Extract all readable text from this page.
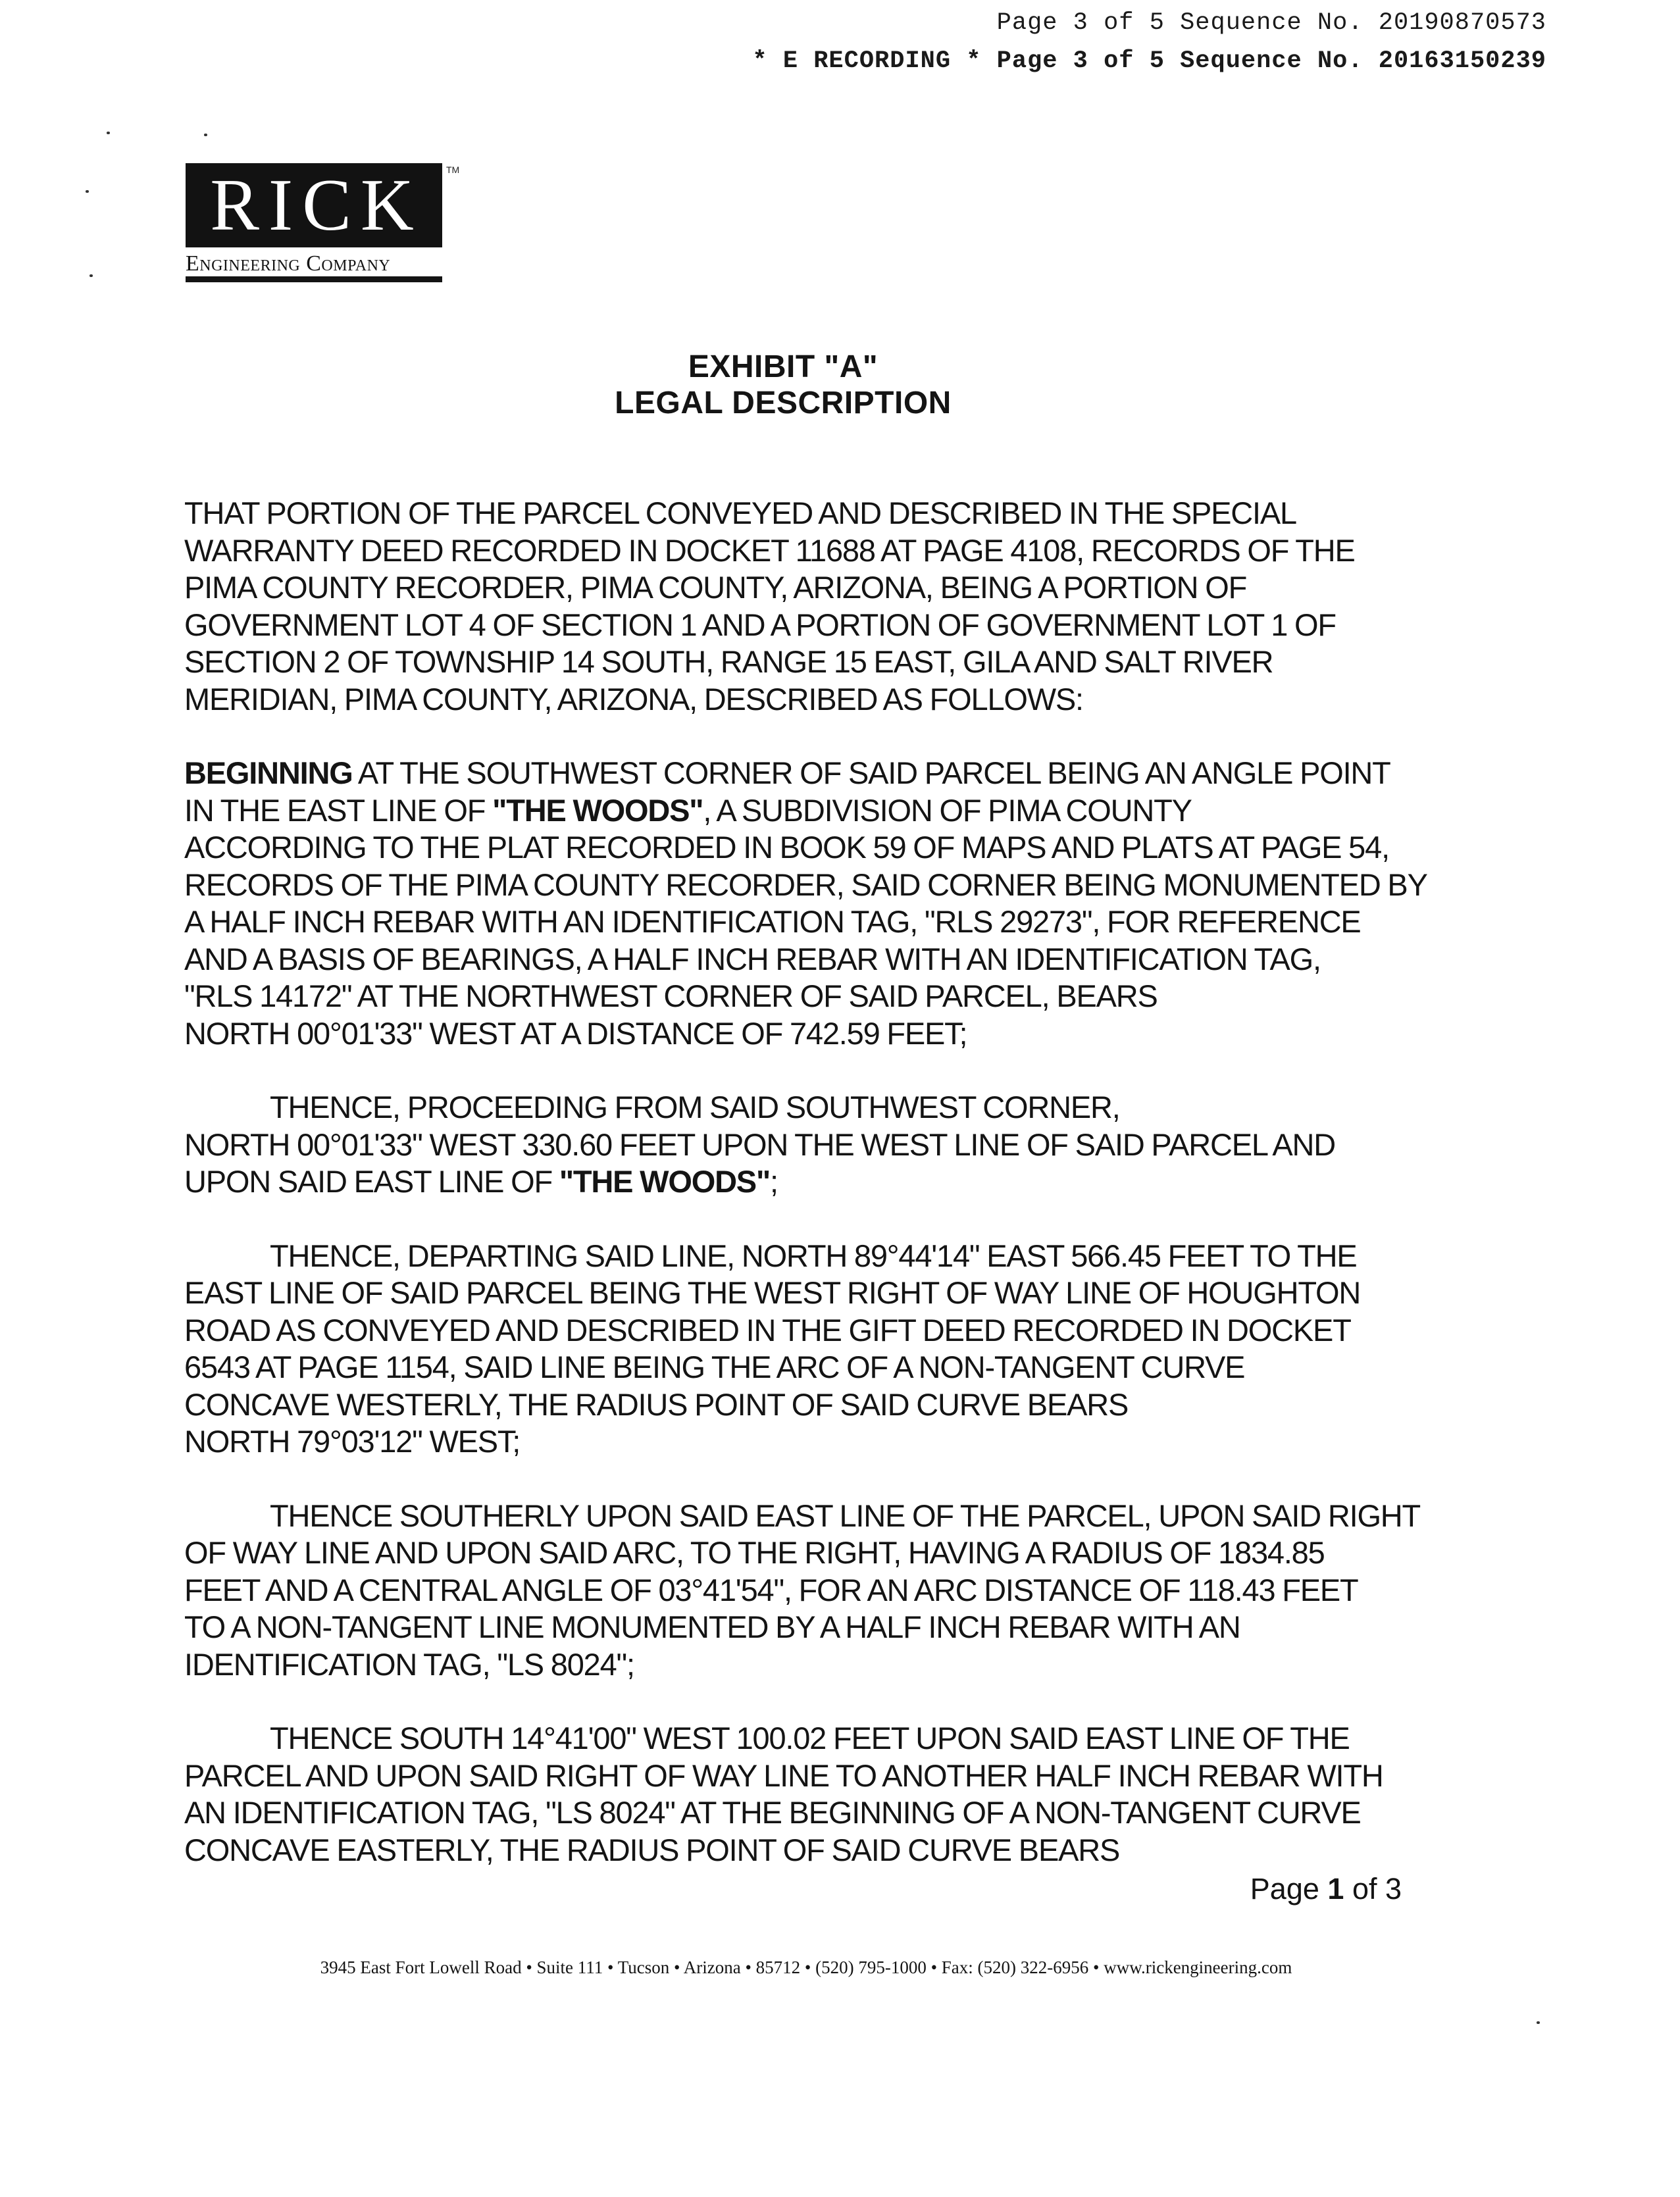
Page 3 of 5 Sequence No. 20190870573
* E RECORDING * Page 3 of 5 Sequence No. 20163150239
RICK
Engineering Company
TM
EXHIBIT "A"
LEGAL DESCRIPTION
THAT PORTION OF THE PARCEL CONVEYED AND DESCRIBED IN THE SPECIAL
WARRANTY DEED RECORDED IN DOCKET 11688 AT PAGE 4108, RECORDS OF THE
PIMA COUNTY RECORDER, PIMA COUNTY, ARIZONA, BEING A PORTION OF
GOVERNMENT LOT 4 OF SECTION 1 AND A PORTION OF GOVERNMENT LOT 1 OF
SECTION 2 OF TOWNSHIP 14 SOUTH, RANGE 15 EAST, GILA AND SALT RIVER
MERIDIAN, PIMA COUNTY, ARIZONA, DESCRIBED AS FOLLOWS:
BEGINNING AT THE SOUTHWEST CORNER OF SAID PARCEL BEING AN ANGLE POINT
IN THE EAST LINE OF "THE WOODS", A SUBDIVISION OF PIMA COUNTY
ACCORDING TO THE PLAT RECORDED IN BOOK 59 OF MAPS AND PLATS AT PAGE 54,
RECORDS OF THE PIMA COUNTY RECORDER, SAID CORNER BEING MONUMENTED BY
A HALF INCH REBAR WITH AN IDENTIFICATION TAG, "RLS 29273", FOR REFERENCE
AND A BASIS OF BEARINGS, A HALF INCH REBAR WITH AN IDENTIFICATION TAG,
"RLS 14172" AT THE NORTHWEST CORNER OF SAID PARCEL, BEARS
NORTH 00°01'33" WEST AT A DISTANCE OF 742.59 FEET;
THENCE, PROCEEDING FROM SAID SOUTHWEST CORNER,
NORTH 00°01'33" WEST 330.60 FEET UPON THE WEST LINE OF SAID PARCEL AND
UPON SAID EAST LINE OF "THE WOODS";
THENCE, DEPARTING SAID LINE, NORTH 89°44'14" EAST 566.45 FEET TO THE
EAST LINE OF SAID PARCEL BEING THE WEST RIGHT OF WAY LINE OF HOUGHTON
ROAD AS CONVEYED AND DESCRIBED IN THE GIFT DEED RECORDED IN DOCKET
6543 AT PAGE 1154, SAID LINE BEING THE ARC OF A NON-TANGENT CURVE
CONCAVE WESTERLY, THE RADIUS POINT OF SAID CURVE BEARS
NORTH 79°03'12" WEST;
THENCE SOUTHERLY UPON SAID EAST LINE OF THE PARCEL, UPON SAID RIGHT
OF WAY LINE AND UPON SAID ARC, TO THE RIGHT, HAVING A RADIUS OF 1834.85
FEET AND A CENTRAL ANGLE OF 03°41'54", FOR AN ARC DISTANCE OF 118.43 FEET
TO A NON-TANGENT LINE MONUMENTED BY A HALF INCH REBAR WITH AN
IDENTIFICATION TAG, "LS 8024";
THENCE SOUTH 14°41'00" WEST 100.02 FEET UPON SAID EAST LINE OF THE
PARCEL AND UPON SAID RIGHT OF WAY LINE TO ANOTHER HALF INCH REBAR WITH
AN IDENTIFICATION TAG, "LS 8024" AT THE BEGINNING OF A NON-TANGENT CURVE
CONCAVE EASTERLY, THE RADIUS POINT OF SAID CURVE BEARS
Page 1 of 3
3945 East Fort Lowell Road • Suite 111 • Tucson • Arizona • 85712 • (520) 795-1000 • Fax: (520) 322-6956 • www.rickengineering.com
